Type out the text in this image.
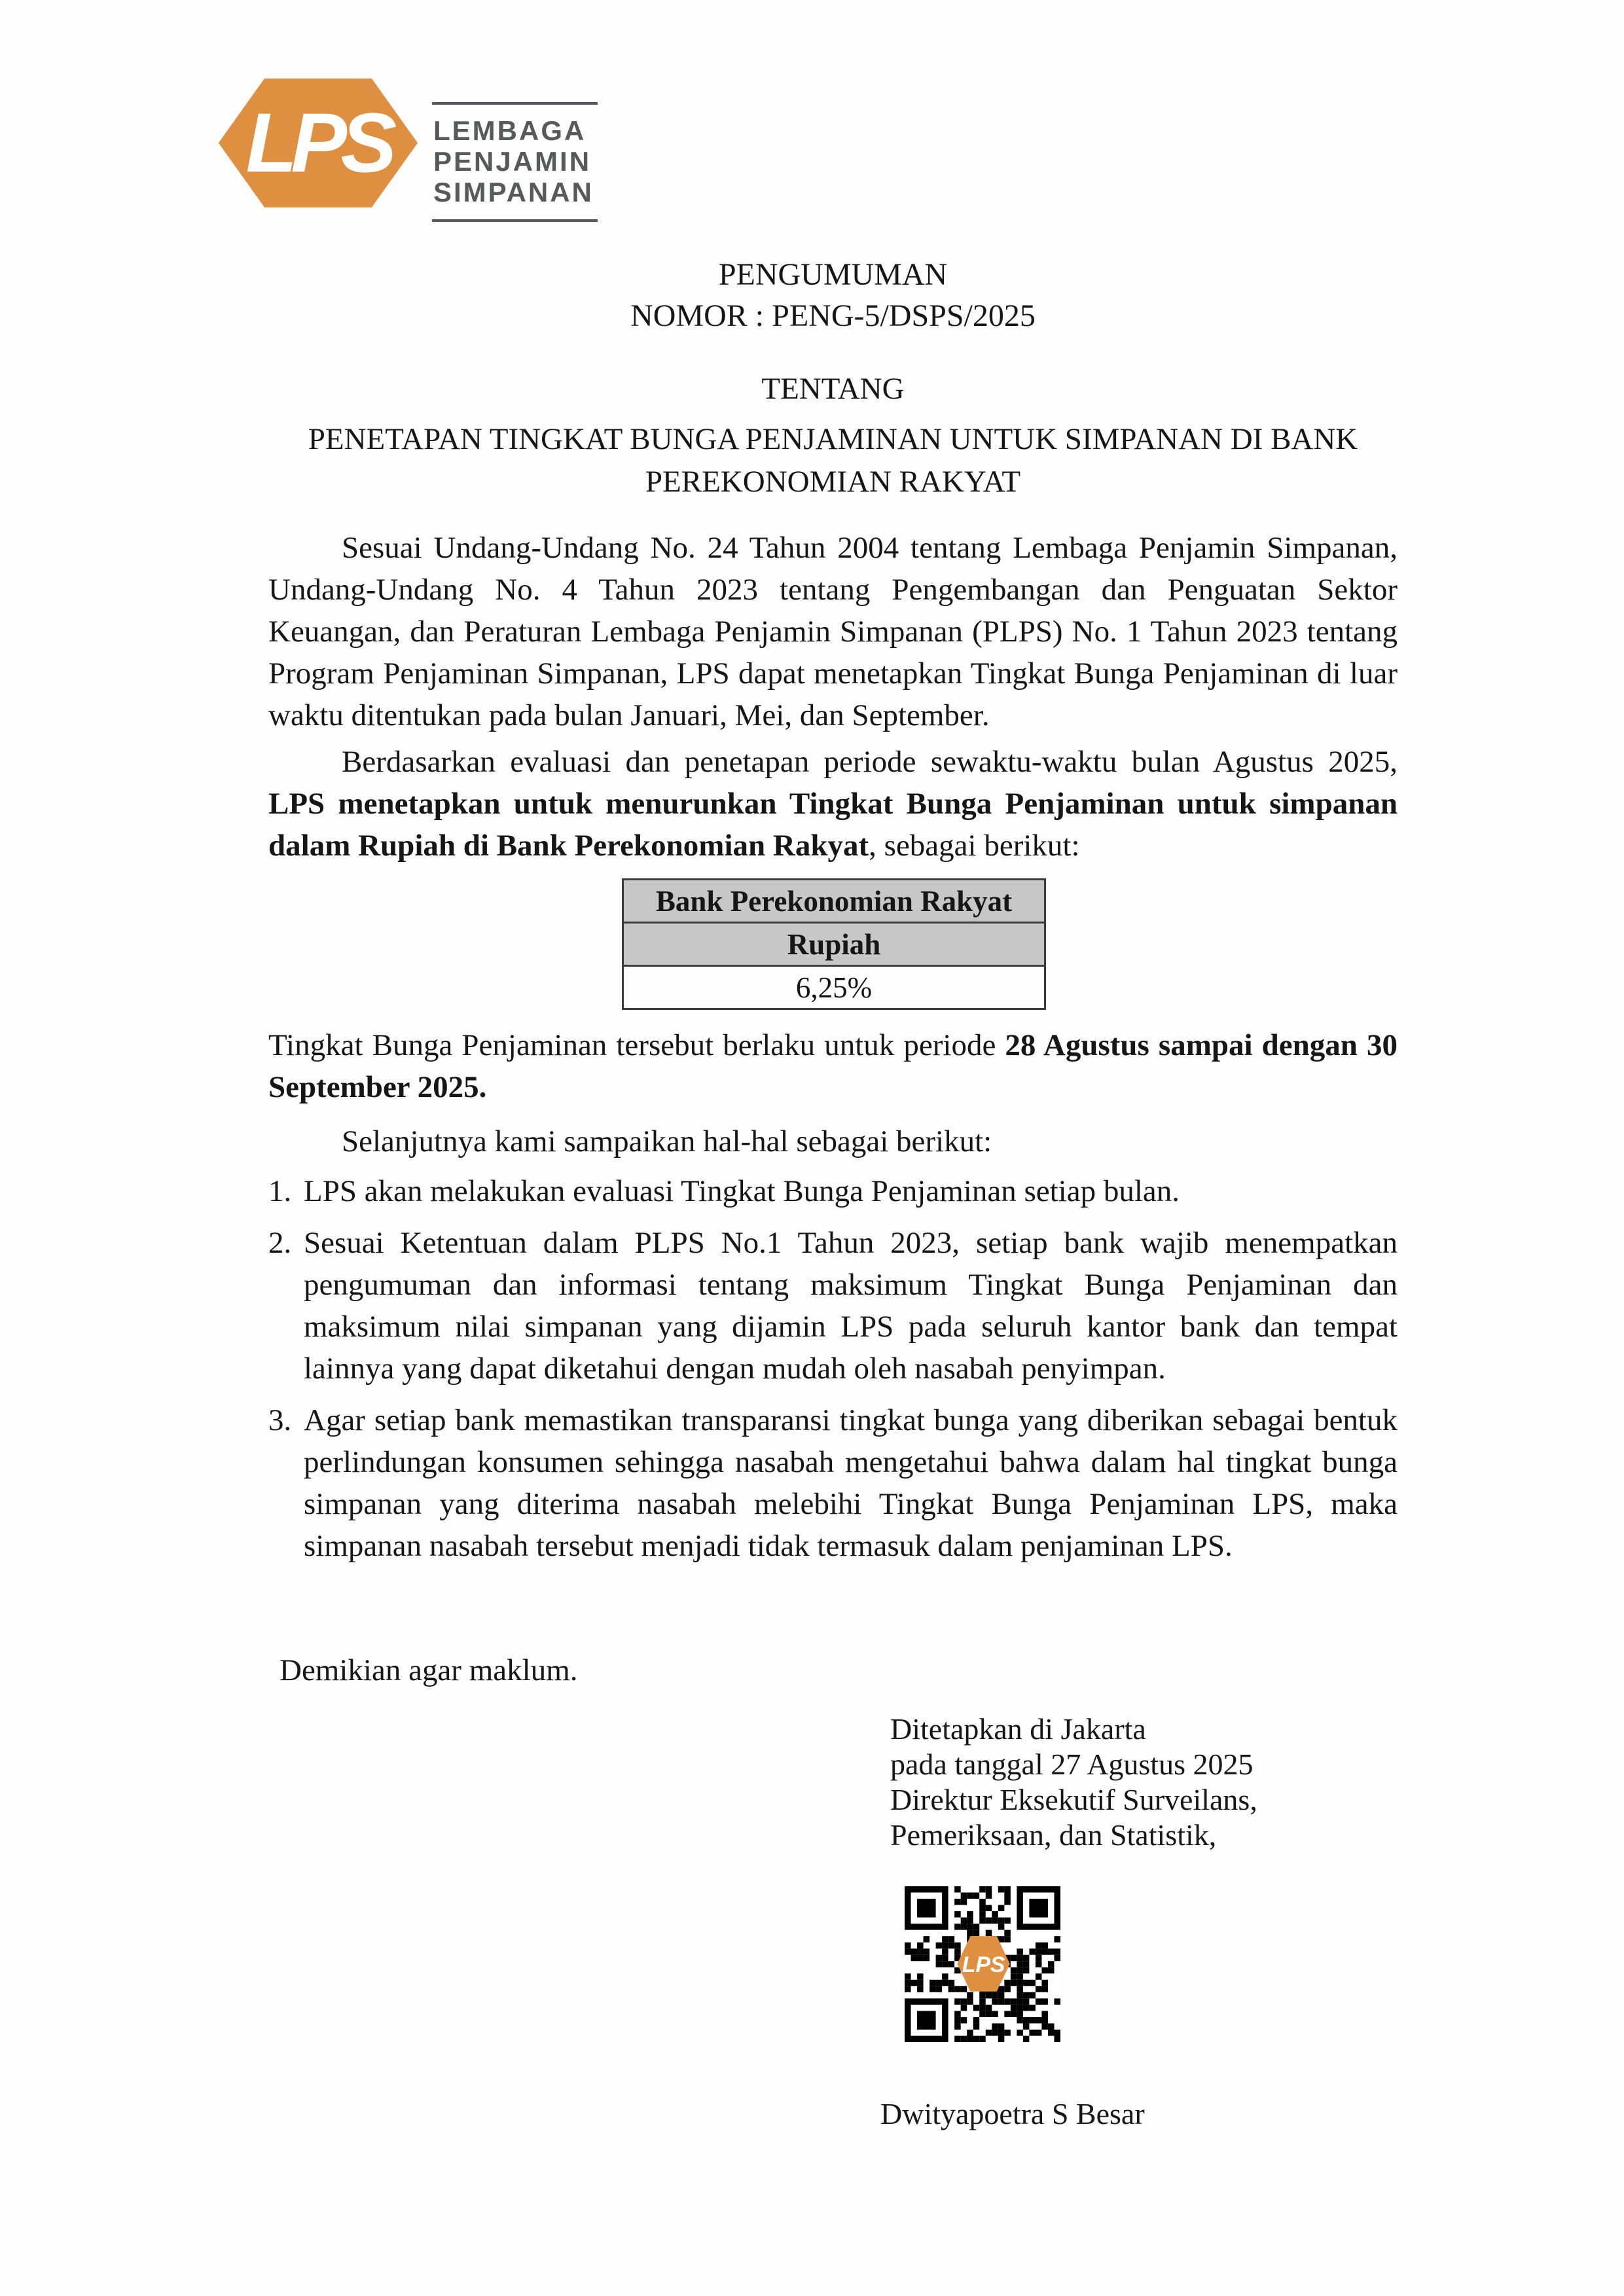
LPS LEMBAGA
PENJAMIN
SIMPANAN
PENGUMUMAN
NOMOR : PENG-5/DSPS/2025
TENTANG
PENETAPAN TINGKAT BUNGA PENJAMINAN UNTUK SIMPANAN DI BANK PEREKONOMIAN RAKYAT
Sesuai Undang-Undang No. 24 Tahun 2004 tentang Lembaga Penjamin Simpanan, Undang-Undang No. 4 Tahun 2023 tentang Pengembangan dan Penguatan Sektor Keuangan, dan Peraturan Lembaga Penjamin Simpanan (PLPS) No. 1 Tahun 2023 tentang Program Penjaminan Simpanan, LPS dapat menetapkan Tingkat Bunga Penjaminan di luar waktu ditentukan pada bulan Januari, Mei, dan September.
Berdasarkan evaluasi dan penetapan periode sewaktu-waktu bulan Agustus 2025, LPS menetapkan untuk menurunkan Tingkat Bunga Penjaminan untuk simpanan dalam Rupiah di Bank Perekonomian Rakyat, sebagai berikut:
Bank Perekonomian Rakyat
Rupiah
6,25%
Tingkat Bunga Penjaminan tersebut berlaku untuk periode 28 Agustus sampai dengan 30 September 2025.
Selanjutnya kami sampaikan hal-hal sebagai berikut:
1. LPS akan melakukan evaluasi Tingkat Bunga Penjaminan setiap bulan.
2. Sesuai Ketentuan dalam PLPS No.1 Tahun 2023, setiap bank wajib menempatkan pengumuman dan informasi tentang maksimum Tingkat Bunga Penjaminan dan maksimum nilai simpanan yang dijamin LPS pada seluruh kantor bank dan tempat lainnya yang dapat diketahui dengan mudah oleh nasabah penyimpan.
3. Agar setiap bank memastikan transparansi tingkat bunga yang diberikan sebagai bentuk perlindungan konsumen sehingga nasabah mengetahui bahwa dalam hal tingkat bunga simpanan yang diterima nasabah melebihi Tingkat Bunga Penjaminan LPS, maka simpanan nasabah tersebut menjadi tidak termasuk dalam penjaminan LPS.
Demikian agar maklum.
Ditetapkan di Jakarta
pada tanggal 27 Agustus 2025
Direktur Eksekutif Surveilans,
Pemeriksaan, dan Statistik,
LPS
Dwityapoetra S Besar
